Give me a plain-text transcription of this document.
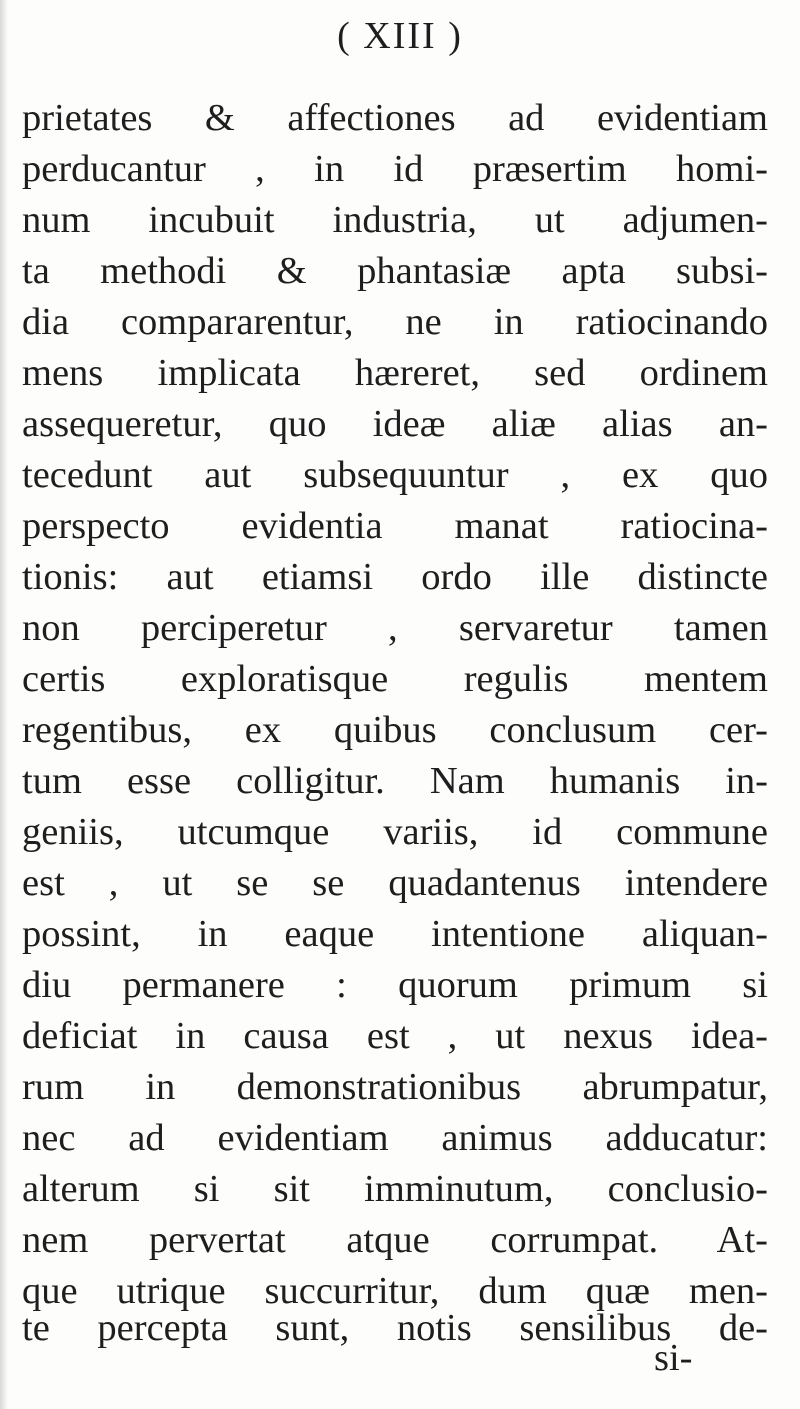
( XIII )
prietates & affectiones ad evidentiam
perducantur , in id præsertim homi-
num incubuit industria, ut adjumen-
ta methodi & phantasiæ apta subsi-
dia compararentur, ne in ratiocinando
mens implicata hæreret, sed ordinem
assequeretur, quo ideæ aliæ alias an-
tecedunt aut subsequuntur , ex quo
perspecto evidentia manat ratiocina-
tionis: aut etiamsi ordo ille distincte
non perciperetur , servaretur tamen
certis exploratisque regulis mentem
regentibus, ex quibus conclusum cer-
tum esse colligitur. Nam humanis in-
geniis, utcumque variis, id commune
est , ut se se quadantenus intendere
possint, in eaque intentione aliquan-
diu permanere : quorum primum si
deficiat in causa est , ut nexus idea-
rum in demonstrationibus abrumpatur,
nec ad evidentiam animus adducatur:
alterum si sit imminutum, conclusio-
nem pervertat atque corrumpat. At-
que utrique succurritur, dum quæ men-
te percepta sunt, notis sensilibus de-
si-
